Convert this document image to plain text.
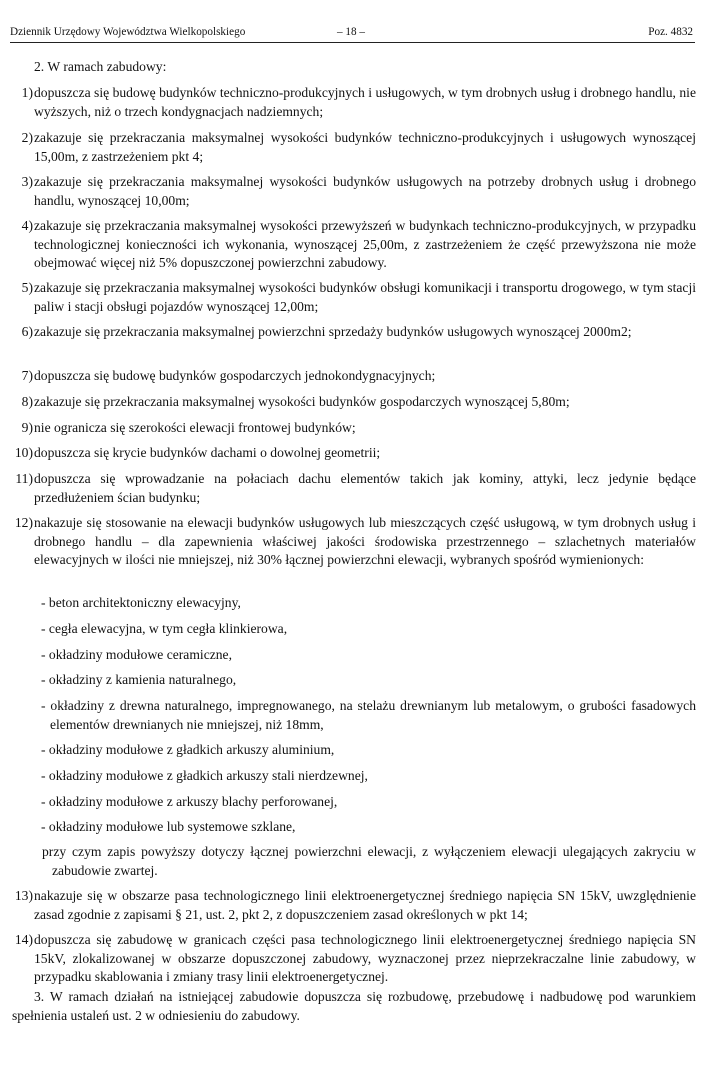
Dziennik Urzędowy Województwa Wielkopolskiego	– 18 –	Poz. 4832

2. W ramach zabudowy:

1) dopuszcza się budowę budynków techniczno-produkcyjnych i usługowych, w tym drobnych usług i drobnego handlu, nie wyższych, niż o trzech kondygnacjach nadziemnych;
2) zakazuje się przekraczania maksymalnej wysokości budynków techniczno-produkcyjnych i usługowych wynoszącej 15,00m, z zastrzeżeniem pkt 4;
3) zakazuje się przekraczania maksymalnej wysokości budynków usługowych na potrzeby drobnych usług i drobnego handlu, wynoszącej 10,00m;
4) zakazuje się przekraczania maksymalnej wysokości przewyższeń w budynkach techniczno-produkcyjnych, w przypadku technologicznej konieczności ich wykonania, wynoszącej 25,00m, z zastrzeżeniem że część przewyższona nie może obejmować więcej niż 5% dopuszczonej powierzchni zabudowy.
5) zakazuje się przekraczania maksymalnej wysokości budynków obsługi komunikacji i transportu drogowego, w tym stacji paliw i stacji obsługi pojazdów wynoszącej 12,00m;
6) zakazuje się przekraczania maksymalnej powierzchni sprzedaży budynków usługowych wynoszącej 2000m2;
7) dopuszcza się budowę budynków gospodarczych jednokondygnacyjnych;
8) zakazuje się przekraczania maksymalnej wysokości budynków gospodarczych wynoszącej 5,80m;
9) nie ogranicza się szerokości elewacji frontowej budynków;
10) dopuszcza się krycie budynków dachami o dowolnej geometrii;
11) dopuszcza się wprowadzanie na połaciach dachu elementów takich jak kominy, attyki, lecz jedynie będące przedłużeniem ścian budynku;
12) nakazuje się stosowanie na elewacji budynków usługowych lub mieszczących część usługową, w tym drobnych usług i drobnego handlu – dla zapewnienia właściwej jakości środowiska przestrzennego – szlachetnych materiałów elewacyjnych w ilości nie mniejszej, niż 30% łącznej powierzchni elewacji, wybranych spośród wymienionych:
- beton architektoniczny elewacyjny,
- cegła elewacyjna, w tym cegła klinkierowa,
- okładziny modułowe ceramiczne,
- okładziny z kamienia naturalnego,
- okładziny z drewna naturalnego, impregnowanego, na stelażu drewnianym lub metalowym, o grubości fasadowych elementów drewnianych nie mniejszej, niż 18mm,
- okładziny modułowe z gładkich arkuszy aluminium,
- okładziny modułowe z gładkich arkuszy stali nierdzewnej,
- okładziny modułowe z arkuszy blachy perforowanej,
- okładziny modułowe lub systemowe szklane,
przy czym zapis powyższy dotyczy łącznej powierzchni elewacji, z wyłączeniem elewacji ulegających zakryciu w zabudowie zwartej.
13) nakazuje się w obszarze pasa technologicznego linii elektroenergetycznej średniego napięcia SN 15kV, uwzględnienie zasad zgodnie z zapisami § 21, ust. 2, pkt 2, z dopuszczeniem zasad określonych w pkt 14;
14) dopuszcza się zabudowę w granicach części pasa technologicznego linii elektroenergetycznej średniego napięcia SN 15kV, zlokalizowanej w obszarze dopuszczonej zabudowy, wyznaczonej przez nieprzekraczalne linie zabudowy, w przypadku skablowania i zmiany trasy linii elektroenergetycznej.

3. W ramach działań na istniejącej zabudowie dopuszcza się rozbudowę, przebudowę i nadbudowę pod warunkiem spełnienia ustaleń ust. 2 w odniesieniu do zabudowy.
